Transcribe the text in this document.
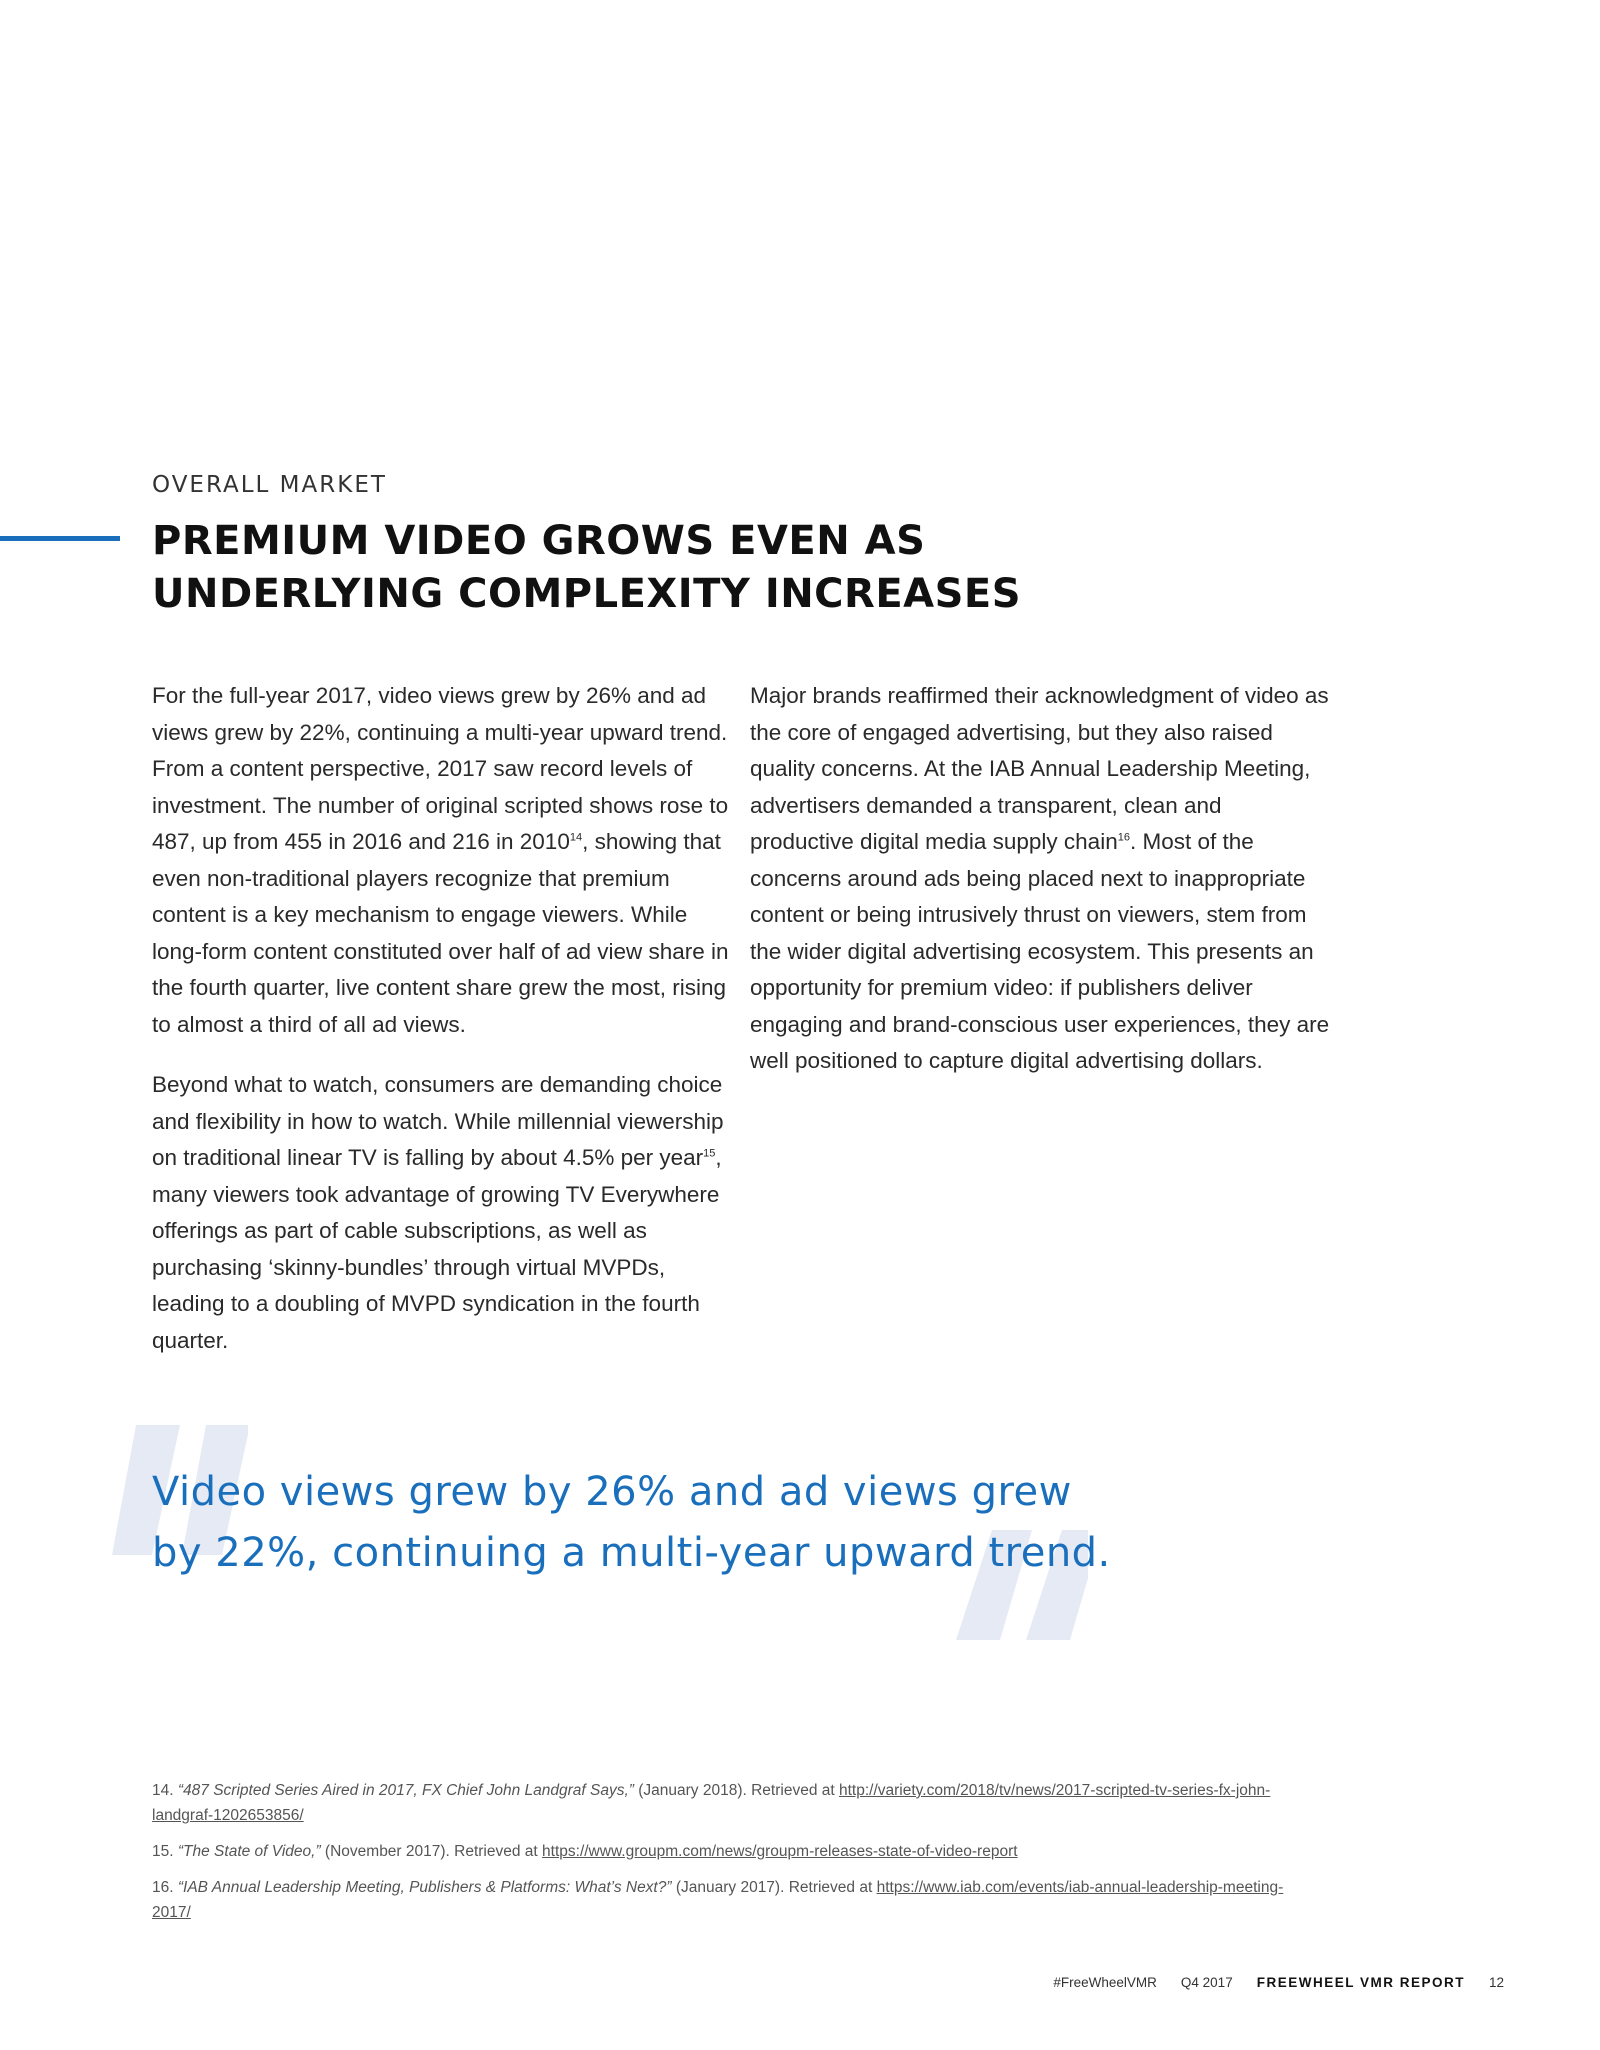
OVERALL MARKET
PREMIUM VIDEO GROWS EVEN AS
UNDERLYING COMPLEXITY INCREASES

For the full-year 2017, video views grew by 26% and ad views grew by 22%, continuing a multi-year upward trend. From a content perspective, 2017 saw record levels of investment. The number of original scripted shows rose to 487, up from 455 in 2016 and 216 in 2010$^{14}$, showing that even non-traditional players recognize that premium content is a key mechanism to engage viewers. While long-form content constituted over half of ad view share in the fourth quarter, live content share grew the most, rising to almost a third of all ad views.

Beyond what to watch, consumers are demanding choice and flexibility in how to watch. While millennial viewership on traditional linear TV is falling by about 4.5% per year$^{15}$, many viewers took advantage of growing TV Everywhere offerings as part of cable subscriptions, as well as purchasing ‘skinny-bundles’ through virtual MVPDs, leading to a doubling of MVPD syndication in the fourth quarter.

Major brands reaffirmed their acknowledgment of video as the core of engaged advertising, but they also raised quality concerns. At the IAB Annual Leadership Meeting, advertisers demanded a transparent, clean and productive digital media supply chain$^{16}$. Most of the concerns around ads being placed next to inappropriate content or being intrusively thrust on viewers, stem from the wider digital advertising ecosystem. This presents an opportunity for premium video: if publishers deliver engaging and brand-conscious user experiences, they are well positioned to capture digital advertising dollars.

Video views grew by 26% and ad views grew
by 22%, continuing a multi-year upward trend.

14. “487 Scripted Series Aired in 2017, FX Chief John Landgraf Says,” (January 2018). Retrieved at http://variety.com/2018/tv/news/2017-scripted-tv-series-fx-john-landgraf-1202653856/

15. “The State of Video,” (November 2017). Retrieved at https://www.groupm.com/news/groupm-releases-state-of-video-report

16. “IAB Annual Leadership Meeting, Publishers & Platforms: What’s Next?” (January 2017). Retrieved at https://www.iab.com/events/iab-annual-leadership-meeting-2017/

#FreeWheelVMR Q4 2017 FREEWHEEL VMR REPORT 12
